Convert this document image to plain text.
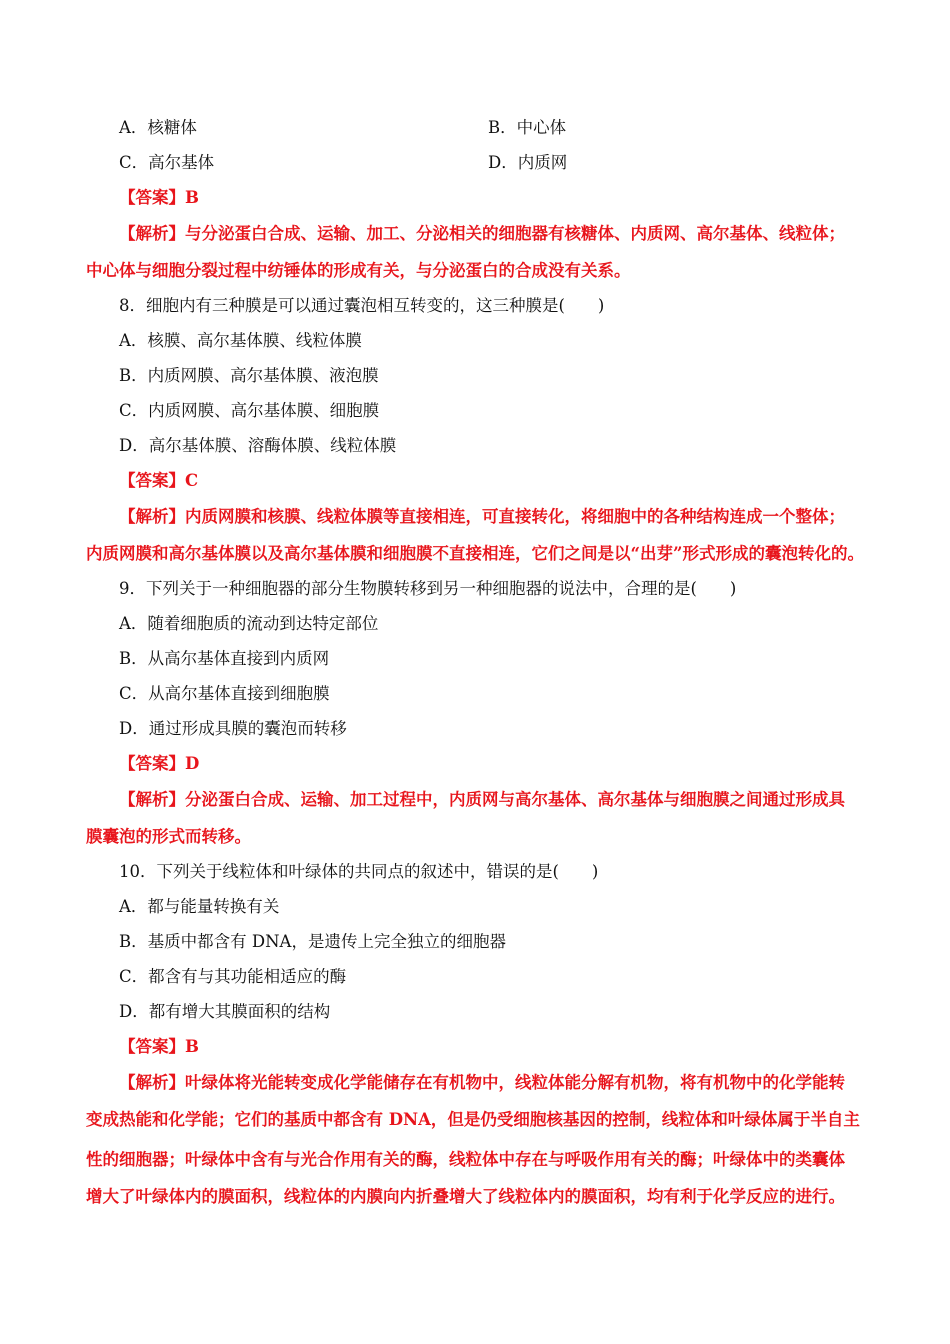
A．核糖体	B．中心体
C．高尔基体	D．内质网
【答案】B
【解析】与分泌蛋白合成、运输、加工、分泌相关的细胞器有核糖体、内质网、高尔基体、线粒体；
中心体与细胞分裂过程中纺锤体的形成有关，与分泌蛋白的合成没有关系。
8．细胞内有三种膜是可以通过囊泡相互转变的，这三种膜是(　　)
A．核膜、高尔基体膜、线粒体膜
B．内质网膜、高尔基体膜、液泡膜
C．内质网膜、高尔基体膜、细胞膜
D．高尔基体膜、溶酶体膜、线粒体膜
【答案】C
【解析】内质网膜和核膜、线粒体膜等直接相连，可直接转化，将细胞中的各种结构连成一个整体；
内质网膜和高尔基体膜以及高尔基体膜和细胞膜不直接相连，它们之间是以“出芽”形式形成的囊泡转化的。
9．下列关于一种细胞器的部分生物膜转移到另一种细胞器的说法中，合理的是(　　)
A．随着细胞质的流动到达特定部位
B．从高尔基体直接到内质网
C．从高尔基体直接到细胞膜
D．通过形成具膜的囊泡而转移
【答案】D
【解析】分泌蛋白合成、运输、加工过程中，内质网与高尔基体、高尔基体与细胞膜之间通过形成具
膜囊泡的形式而转移。
10．下列关于线粒体和叶绿体的共同点的叙述中，错误的是(　　)
A．都与能量转换有关
B．基质中都含有 DNA，是遗传上完全独立的细胞器
C．都含有与其功能相适应的酶
D．都有增大其膜面积的结构
【答案】B
【解析】叶绿体将光能转变成化学能储存在有机物中，线粒体能分解有机物，将有机物中的化学能转
变成热能和化学能；它们的基质中都含有 DNA，但是仍受细胞核基因的控制，线粒体和叶绿体属于半自主
性的细胞器；叶绿体中含有与光合作用有关的酶，线粒体中存在与呼吸作用有关的酶；叶绿体中的类囊体
增大了叶绿体内的膜面积，线粒体的内膜向内折叠增大了线粒体内的膜面积，均有利于化学反应的进行。
